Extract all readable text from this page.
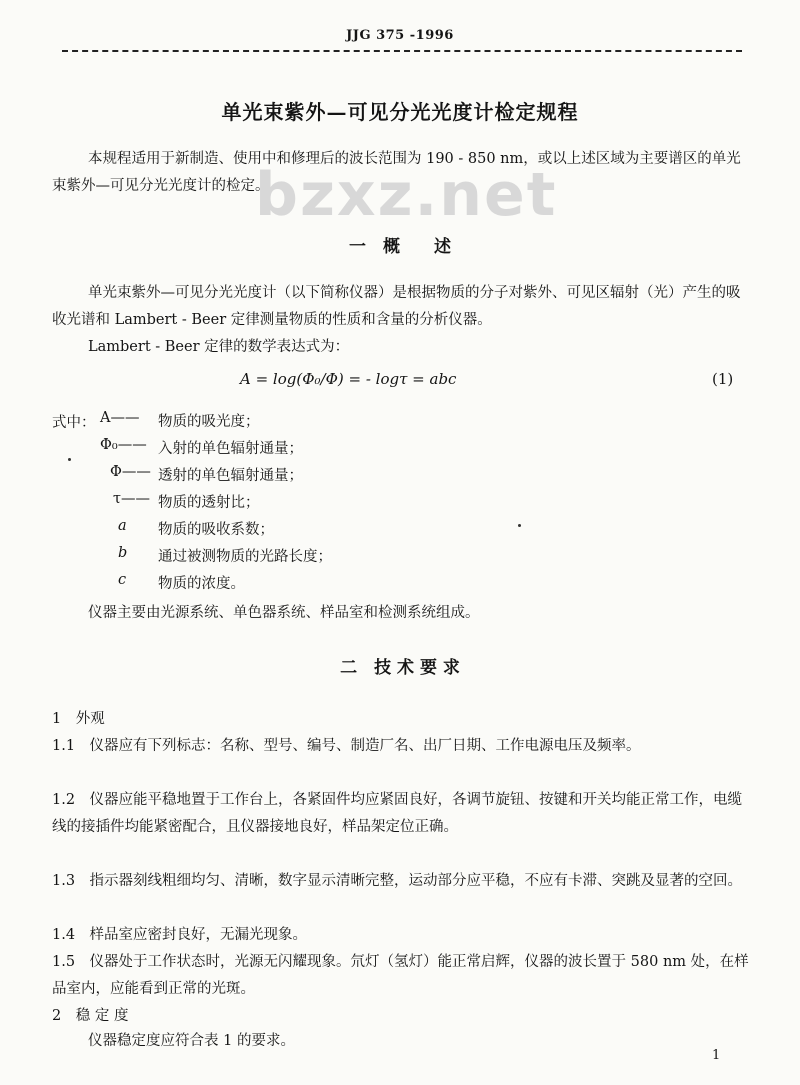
JJG 375 -1996
单光束紫外—可见分光光度计检定规程
bzxz.net
本规程适用于新制造、使用中和修理后的波长范围为 190 - 850 nm，或以上述区域为主要谱区的单光束紫外—可见分光光度计的检定。
一　概　　述
单光束紫外—可见分光光度计（以下简称仪器）是根据物质的分子对紫外、可见区辐射（光）产生的吸收光谱和 Lambert - Beer 定律测量物质的性质和含量的分析仪器。
Lambert - Beer 定律的数学表达式为：
A = log(Φ₀/Φ) = - logτ = abc	(1)
式中： A—— 物质的吸光度；
Φ₀—— 入射的单色辐射通量；
Φ—— 透射的单色辐射通量；
τ—— 物质的透射比；
a 物质的吸收系数；
b 通过被测物质的光路长度；
c 物质的浓度。
仪器主要由光源系统、单色器系统、样品室和检测系统组成。
二　技 术 要 求
1　外观
1.1　仪器应有下列标志：名称、型号、编号、制造厂名、出厂日期、工作电源电压及频率。
1.2　仪器应能平稳地置于工作台上，各紧固件均应紧固良好，各调节旋钮、按键和开关均能正常工作，电缆线的接插件均能紧密配合，且仪器接地良好，样品架定位正确。
1.3　指示器刻线粗细均匀、清晰，数字显示清晰完整，运动部分应平稳，不应有卡滞、突跳及显著的空回。
1.4　样品室应密封良好，无漏光现象。
1.5　仪器处于工作状态时，光源无闪耀现象。氘灯（氢灯）能正常启辉，仪器的波长置于 580 nm 处，在样品室内，应能看到正常的光斑。
2　稳 定 度
仪器稳定度应符合表 1 的要求。
1
